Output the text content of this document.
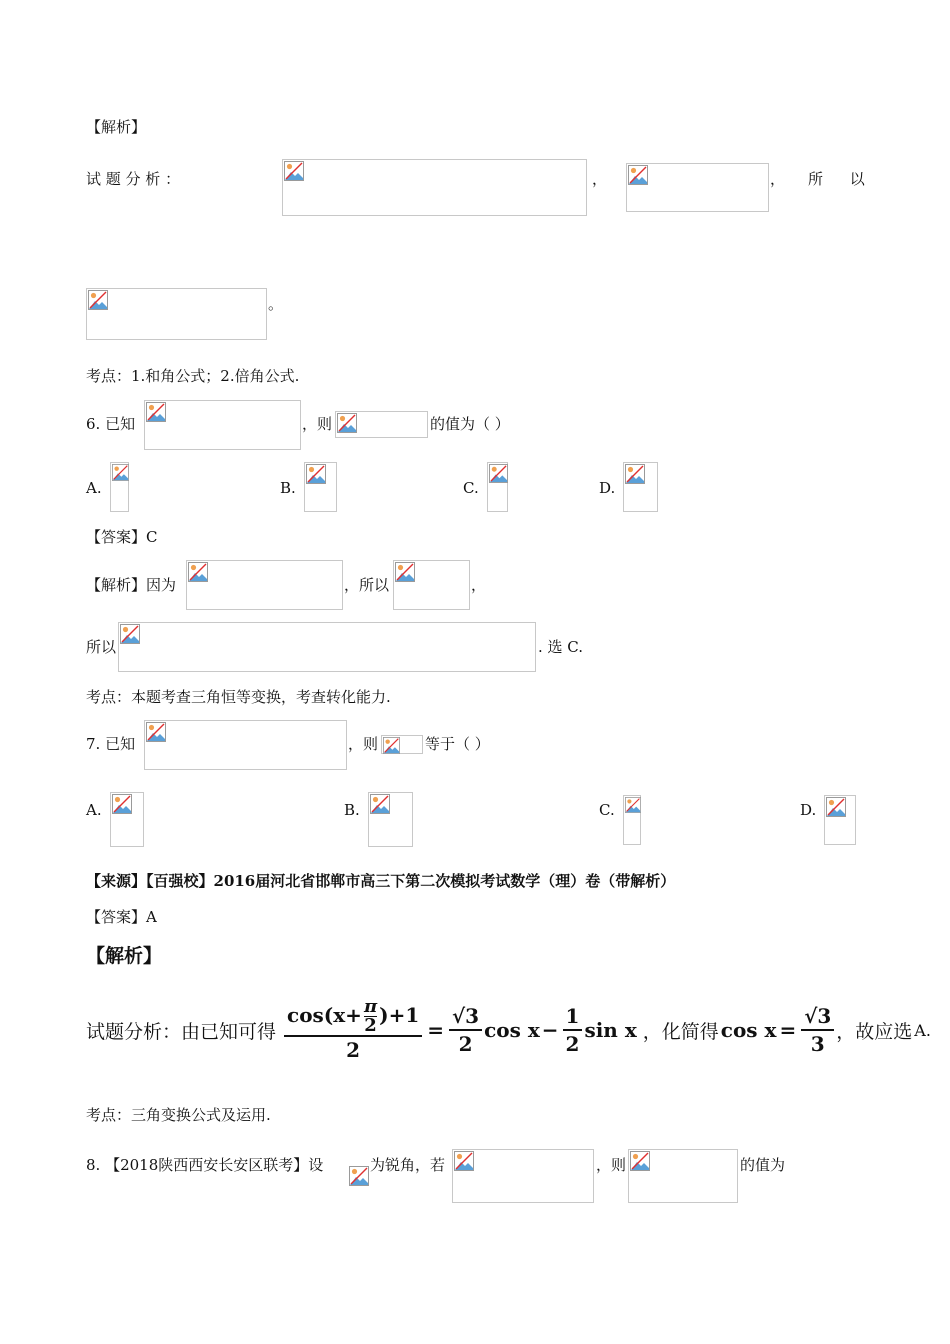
【解析】
试 题 分 析 ：	，	， 所 以
。
考点：1.和角公式；2.倍角公式.
6. 已知	，则	的值为（ ）
A.	B.	C.	D.
【答案】C
【解析】因为	，所以	，
所以	. 选 C.
考点：本题考查三角恒等变换，考查转化能力.
7. 已知	，则	等于（ ）
A.	B.	C.	D.
【来源】【百强校】2016届河北省邯郸市高三下第二次模拟考试数学（理）卷（带解析）
【答案】A
【解析】
试题分析：由已知可得 $\frac{\cos(x+ \frac{\pi}{2} )+1}{2} = \frac{√3}{2}$ $\cos x - \frac{1}{2}$ sin x ，化简得 $\cos x = \frac{√3}{3}$ ，故应选 A.
考点：三角变换公式及运用.
8. 【2018陕西西安长安区联考】设	为锐角，若	，则	的值为
